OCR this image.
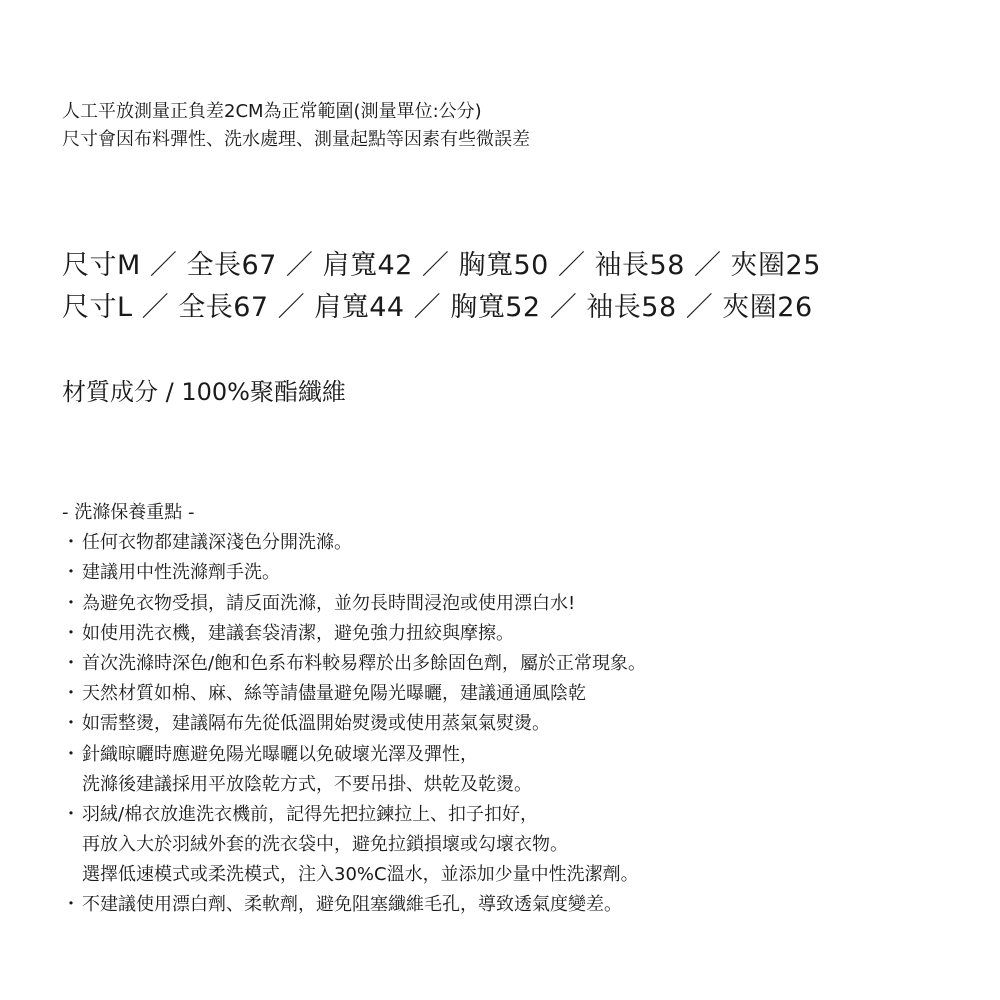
人工平放測量正負差2CM為正常範圍(測量單位:公分)
尺寸會因布料彈性、洗水處理、測量起點等因素有些微誤差
尺寸M ／ 全長67 ／ 肩寬42 ／ 胸寬50 ／ 袖長58 ／ 夾圈25
尺寸L ／ 全長67 ／ 肩寬44 ／ 胸寬52 ／ 袖長58 ／ 夾圈26
材質成分 / 100%聚酯纖維
- 洗滌保養重點 -
・ 任何衣物都建議深淺色分開洗滌。
・ 建議用中性洗滌劑手洗。
・ 為避免衣物受損，請反面洗滌，並勿長時間浸泡或使用漂白水!
・ 如使用洗衣機，建議套袋清潔，避免強力扭絞與摩擦。
・ 首次洗滌時深色/飽和色系布料較易釋於出多餘固色劑，屬於正常現象。
・ 天然材質如棉、麻、絲等請儘量避免陽光曝曬，建議通通風陰乾
・ 如需整燙，建議隔布先從低溫開始熨燙或使用蒸氣氣熨燙。
・ 針織晾曬時應避免陽光曝曬以免破壞光澤及彈性，
洗滌後建議採用平放陰乾方式，不要吊掛、烘乾及乾燙。
・ 羽絨/棉衣放進洗衣機前，記得先把拉鍊拉上、扣子扣好，
再放入大於羽絨外套的洗衣袋中，避免拉鎖損壞或勾壞衣物。
選擇低速模式或柔洗模式，注入30%C溫水，並添加少量中性洗潔劑。
・ 不建議使用漂白劑、柔軟劑，避免阻塞纖維毛孔，導致透氣度變差。
